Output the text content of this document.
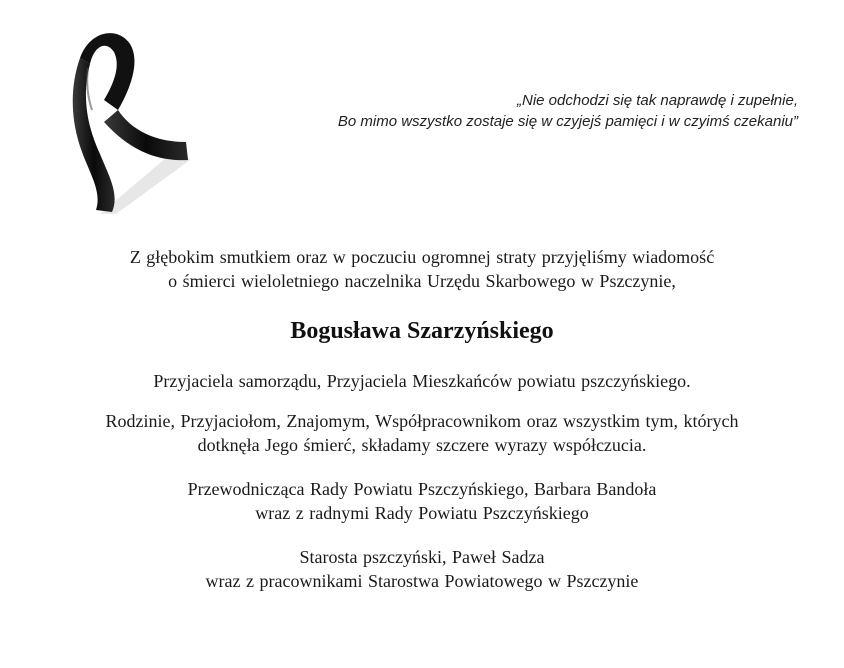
„Nie odchodzi się tak naprawdę i zupełnie,
Bo mimo wszystko zostaje się w czyjejś pamięci i w czyimś czekaniu”

Z głębokim smutkiem oraz w poczuciu ogromnej straty przyjęliśmy wiadomość
o śmierci wieloletniego naczelnika Urzędu Skarbowego w Pszczynie,

Bogusława Szarzyńskiego

Przyjaciela samorządu, Przyjaciela Mieszkańców powiatu pszczyńskiego.

Rodzinie, Przyjaciołom, Znajomym, Współpracownikom oraz wszystkim tym, których
dotknęła Jego śmierć, składamy szczere wyrazy współczucia.

Przewodnicząca Rady Powiatu Pszczyńskiego, Barbara Bandoła
wraz z radnymi Rady Powiatu Pszczyńskiego

Starosta pszczyński, Paweł Sadza
wraz z pracownikami Starostwa Powiatowego w Pszczynie
